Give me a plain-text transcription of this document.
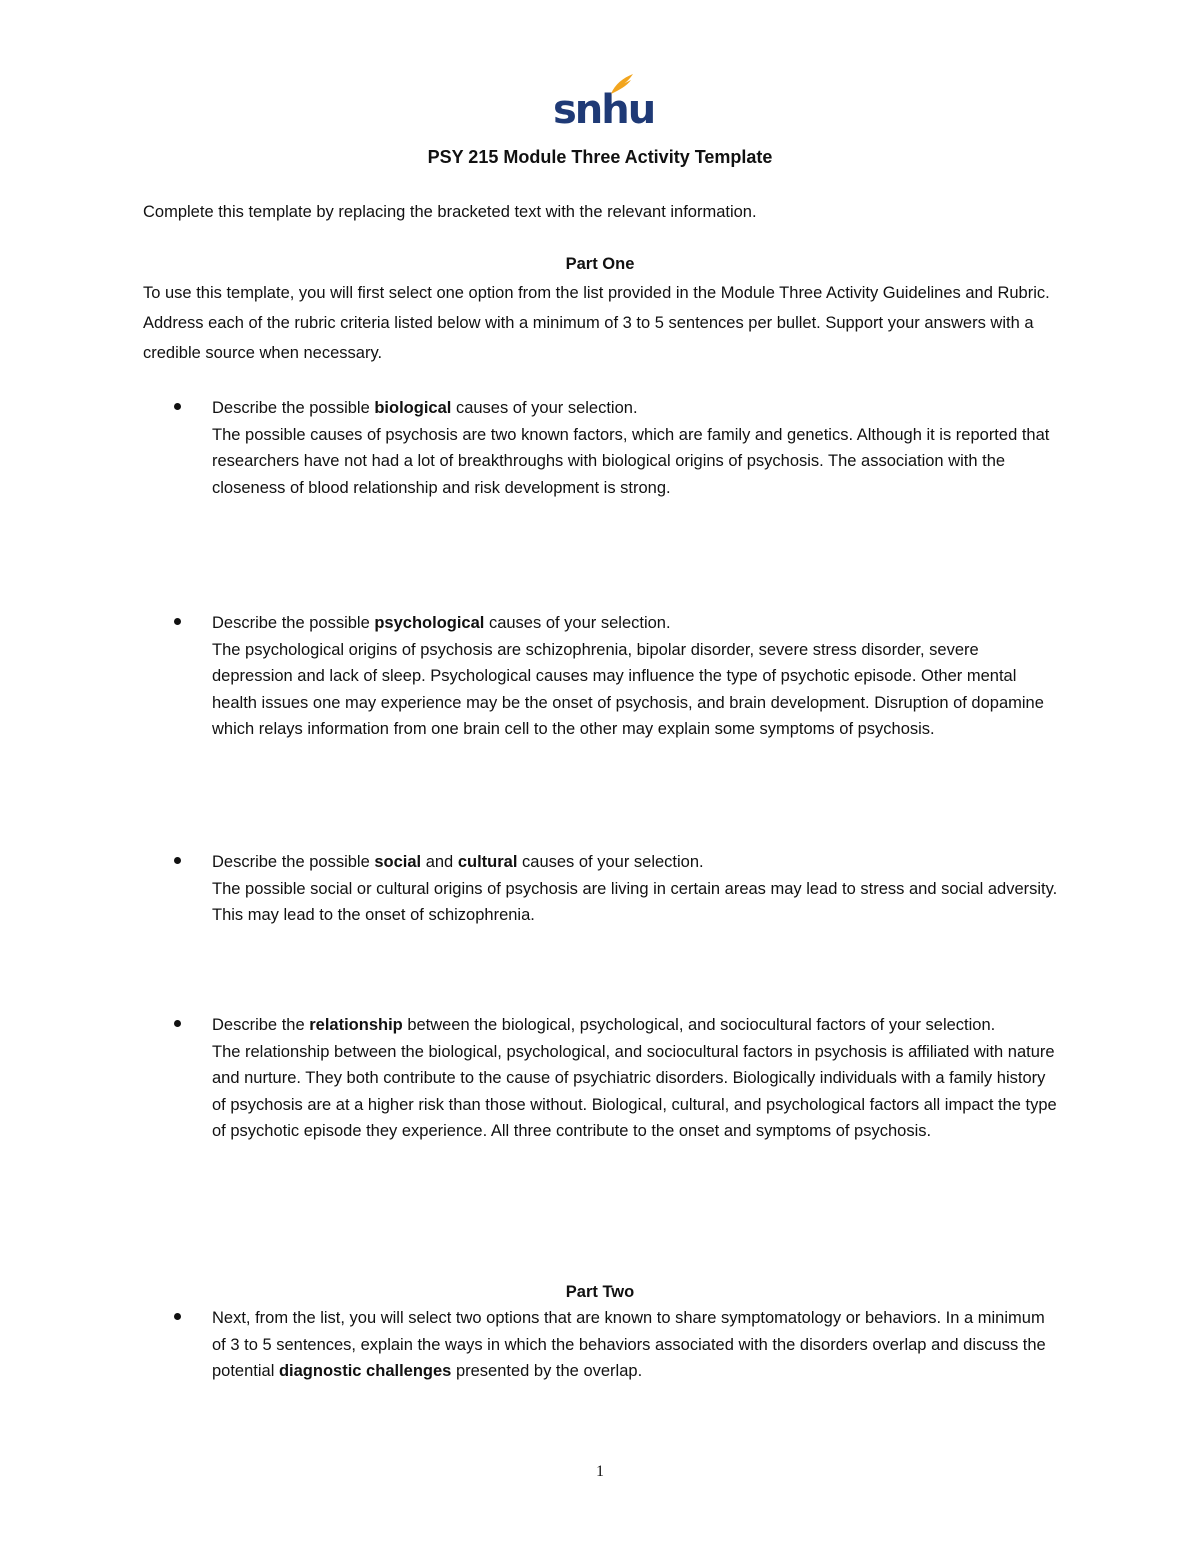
snhu
PSY 215 Module Three Activity Template
Complete this template by replacing the bracketed text with the relevant information.
Part One
To use this template, you will first select one option from the list provided in the Module Three Activity Guidelines and Rubric. Address each of the rubric criteria listed below with a minimum of 3 to 5 sentences per bullet. Support your answers with a credible source when necessary.

Describe the possible biological causes of your selection.

The possible causes of psychosis are two known factors, which are family and genetics. Although it is reported that researchers have not had a lot of breakthroughs with biological origins of psychosis. The association with the closeness of blood relationship and risk development is strong.

Describe the possible psychological causes of your selection.

The psychological origins of psychosis are schizophrenia, bipolar disorder, severe stress disorder, severe depression and lack of sleep. Psychological causes may influence the type of psychotic episode. Other mental health issues one may experience may be the onset of psychosis, and brain development. Disruption of dopamine which relays information from one brain cell to the other may explain some symptoms of psychosis.

Describe the possible social and cultural causes of your selection.

The possible social or cultural origins of psychosis are living in certain areas may lead to stress and social adversity. This may lead to the onset of schizophrenia.

Describe the relationship between the biological, psychological, and sociocultural factors of your selection.

The relationship between the biological, psychological, and sociocultural factors in psychosis is affiliated with nature and nurture. They both contribute to the cause of psychiatric disorders. Biologically individuals with a family history of psychosis are at a higher risk than those without. Biological, cultural, and psychological factors all impact the type of psychotic episode they experience. All three contribute to the onset and symptoms of psychosis.

Part Two

Next, from the list, you will select two options that are known to share symptomatology or behaviors. In a minimum of 3 to 5 sentences, explain the ways in which the behaviors associated with the disorders overlap and discuss the potential diagnostic challenges presented by the overlap.

1
